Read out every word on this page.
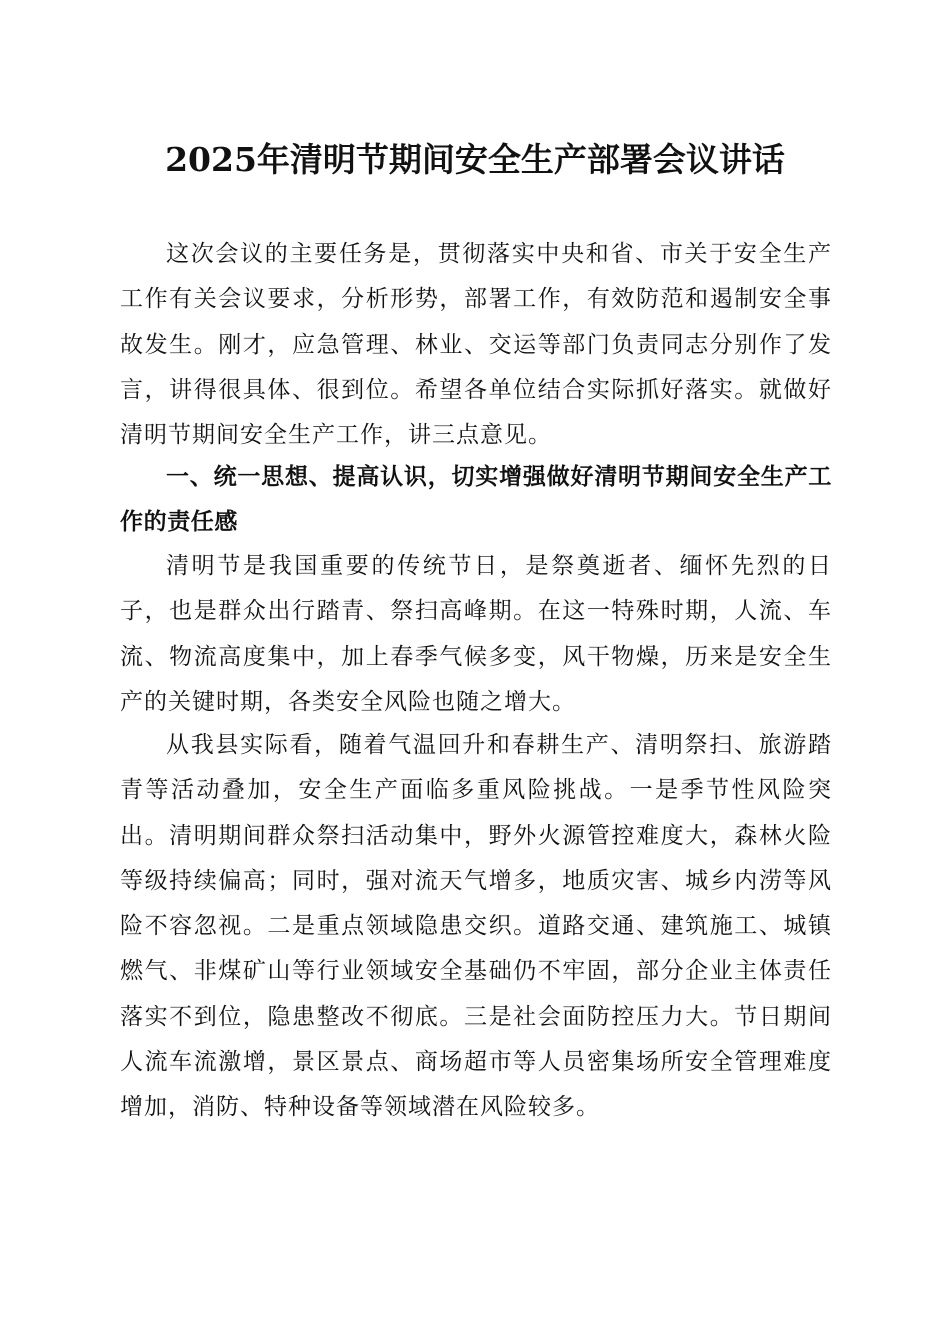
2025年清明节期间安全生产部署会议讲话

这次会议的主要任务是，贯彻落实中央和省、市关于安全生产工作有关会议要求，分析形势，部署工作，有效防范和遏制安全事故发生。刚才，应急管理、林业、交运等部门负责同志分别作了发言，讲得很具体、很到位。希望各单位结合实际抓好落实。就做好清明节期间安全生产工作，讲三点意见。

一、统一思想、提高认识，切实增强做好清明节期间安全生产工作的责任感

清明节是我国重要的传统节日，是祭奠逝者、缅怀先烈的日子，也是群众出行踏青、祭扫高峰期。在这一特殊时期，人流、车流、物流高度集中，加上春季气候多变，风干物燥，历来是安全生产的关键时期，各类安全风险也随之增大。

从我县实际看，随着气温回升和春耕生产、清明祭扫、旅游踏青等活动叠加，安全生产面临多重风险挑战。一是季节性风险突出。清明期间群众祭扫活动集中，野外火源管控难度大，森林火险等级持续偏高；同时，强对流天气增多，地质灾害、城乡内涝等风险不容忽视。二是重点领域隐患交织。道路交通、建筑施工、城镇燃气、非煤矿山等行业领域安全基础仍不牢固，部分企业主体责任落实不到位，隐患整改不彻底。三是社会面防控压力大。节日期间人流车流激增，景区景点、商场超市等人员密集场所安全管理难度增加，消防、特种设备等领域潜在风险较多。
